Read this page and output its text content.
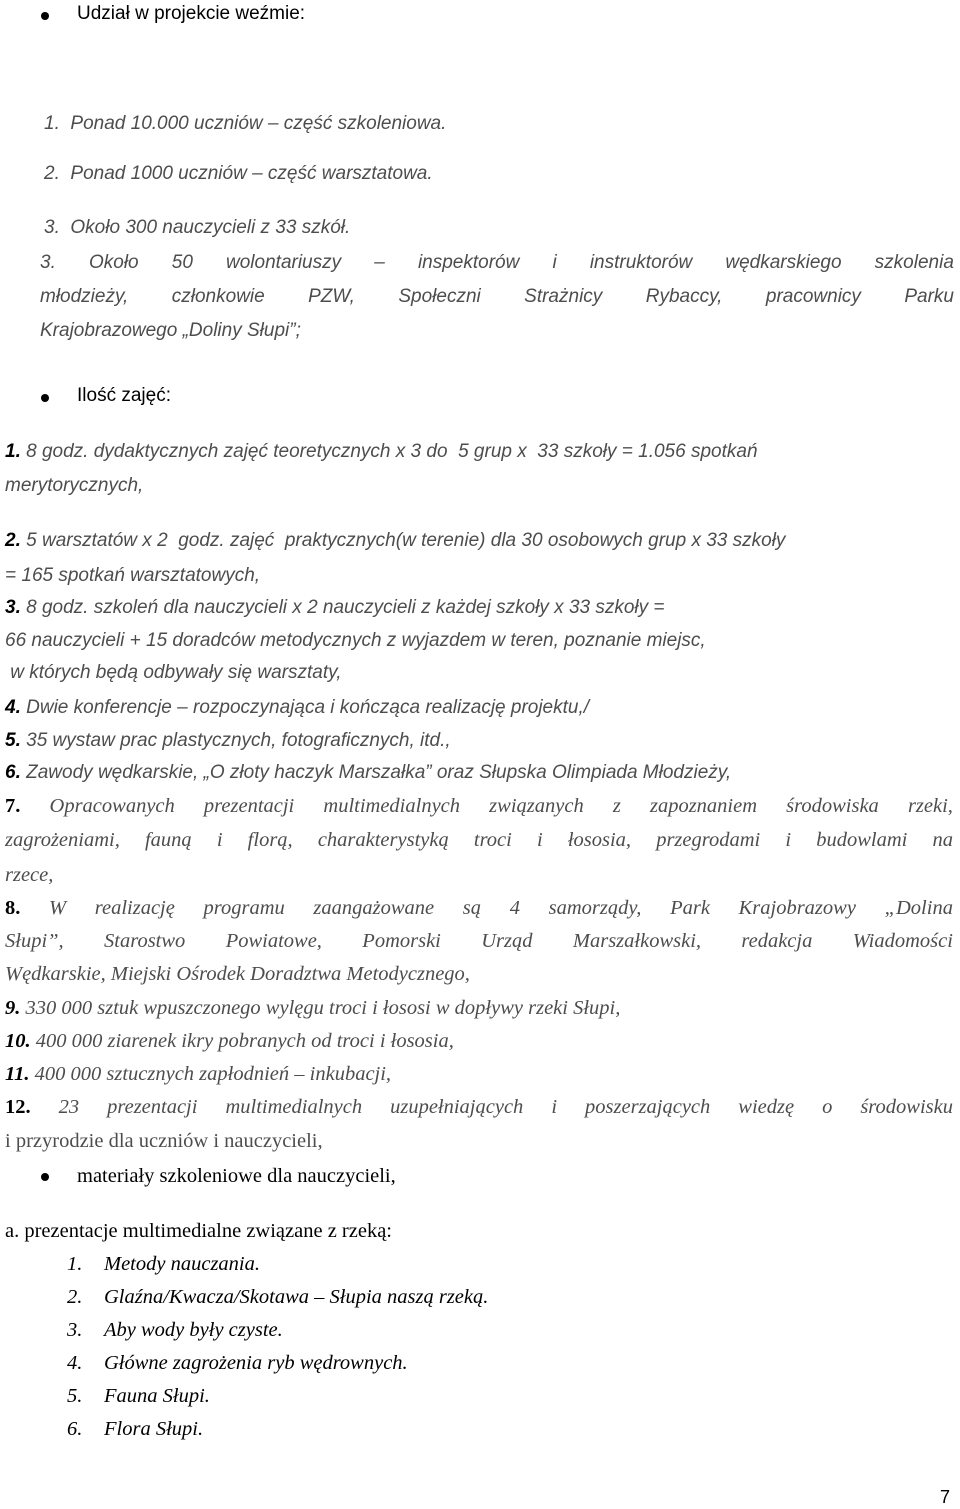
Udział w projekcie weźmie:

1.  Ponad 10.000 uczniów – część szkoleniowa.

2.  Ponad 1000 uczniów – część warsztatowa.

3.  Około 300 nauczycieli z 33 szkół.

3. Około 50 wolontariuszy – inspektorów i instruktorów wędkarskiego szkolenia
młodzieży, członkowie PZW, Społeczni Strażnicy Rybaccy, pracownicy Parku

Krajobrazowego „Doliny Słupi”;

Ilość zajęć:

1. 8 godz. dydaktycznych zajęć teoretycznych x 3 do  5 grup x  33 szkoły = 1.056 spotkań

merytorycznych,

2. 5 warsztatów x 2  godz. zajęć  praktycznych(w terenie) dla 30 osobowych grup x 33 szkoły

= 165 spotkań warsztatowych,

3. 8 godz. szkoleń dla nauczycieli x 2 nauczycieli z każdej szkoły x 33 szkoły =

66 nauczycieli + 15 doradców metodycznych z wyjazdem w teren, poznanie miejsc,

w których będą odbywały się warsztaty,

4. Dwie konferencje – rozpoczynająca i kończąca realizację projektu,/

5. 35 wystaw prac plastycznych, fotograficznych, itd.,

6. Zawody wędkarskie, „O złoty haczyk Marszałka” oraz Słupska Olimpiada Młodzieży,

7. Opracowanych prezentacji multimedialnych związanych z zapoznaniem środowiska rzeki,
zagrożeniami, fauną i florą, charakterystyką troci i łososia, przegrodami i budowlami na

rzece,

8. W realizację programu zaangażowane są 4 samorządy, Park Krajobrazowy „Dolina
Słupi”, Starostwo Powiatowe, Pomorski Urząd Marszałkowski, redakcja Wiadomości

Wędkarskie, Miejski Ośrodek Doradztwa Metodycznego,

9. 330 000 sztuk wpuszczonego wylęgu troci i łososi w dopływy rzeki Słupi,

10. 400 000 ziarenek ikry pobranych od troci i łososia,

11. 400 000 sztucznych zapłodnień – inkubacji,

12. 23 prezentacji multimedialnych uzupełniających i poszerzających wiedzę o środowisku

i przyrodzie dla uczniów i nauczycieli,

materiały szkoleniowe dla nauczycieli,

a. prezentacje multimedialne związane z rzeką:

1. Metody nauczania.

2. Glaźna/Kwacza/Skotawa – Słupia naszą rzeką.

3. Aby wody były czyste.

4. Główne zagrożenia ryb wędrownych.

5. Fauna Słupi.

6. Flora Słupi.

7
